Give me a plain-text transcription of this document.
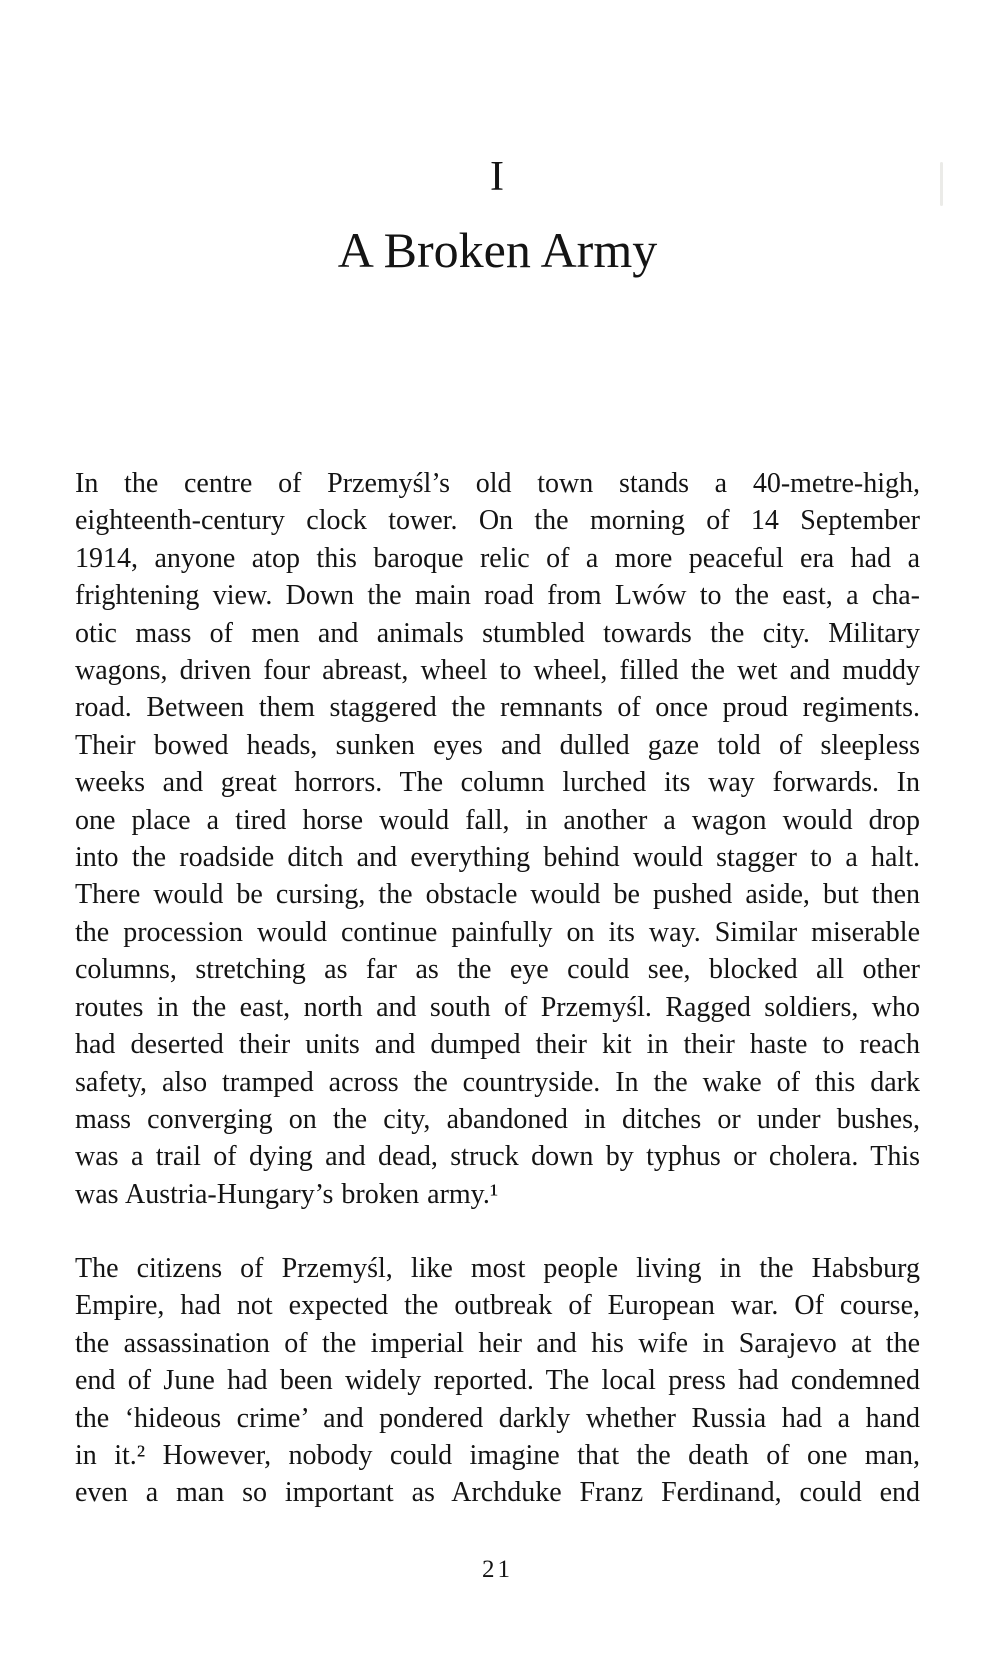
I
A Broken Army
In the centre of Przemyśl’s old town stands a 40-metre-high,
eighteenth-century clock tower. On the morning of 14 September
1914, anyone atop this baroque relic of a more peaceful era had a
frightening view. Down the main road from Lwów to the east, a cha-
otic mass of men and animals stumbled towards the city. Military
wagons, driven four abreast, wheel to wheel, filled the wet and muddy
road. Between them staggered the remnants of once proud regiments.
Their bowed heads, sunken eyes and dulled gaze told of sleepless
weeks and great horrors. The column lurched its way forwards. In
one place a tired horse would fall, in another a wagon would drop
into the roadside ditch and everything behind would stagger to a halt.
There would be cursing, the obstacle would be pushed aside, but then
the procession would continue painfully on its way. Similar miserable
columns, stretching as far as the eye could see, blocked all other
routes in the east, north and south of Przemyśl. Ragged soldiers, who
had deserted their units and dumped their kit in their haste to reach
safety, also tramped across the countryside. In the wake of this dark
mass converging on the city, abandoned in ditches or under bushes,
was a trail of dying and dead, struck down by typhus or cholera. This
was Austria-Hungary’s broken army.¹
The citizens of Przemyśl, like most people living in the Habsburg
Empire, had not expected the outbreak of European war. Of course,
the assassination of the imperial heir and his wife in Sarajevo at the
end of June had been widely reported. The local press had condemned
the ‘hideous crime’ and pondered darkly whether Russia had a hand
in it.² However, nobody could imagine that the death of one man,
even a man so important as Archduke Franz Ferdinand, could end
21
